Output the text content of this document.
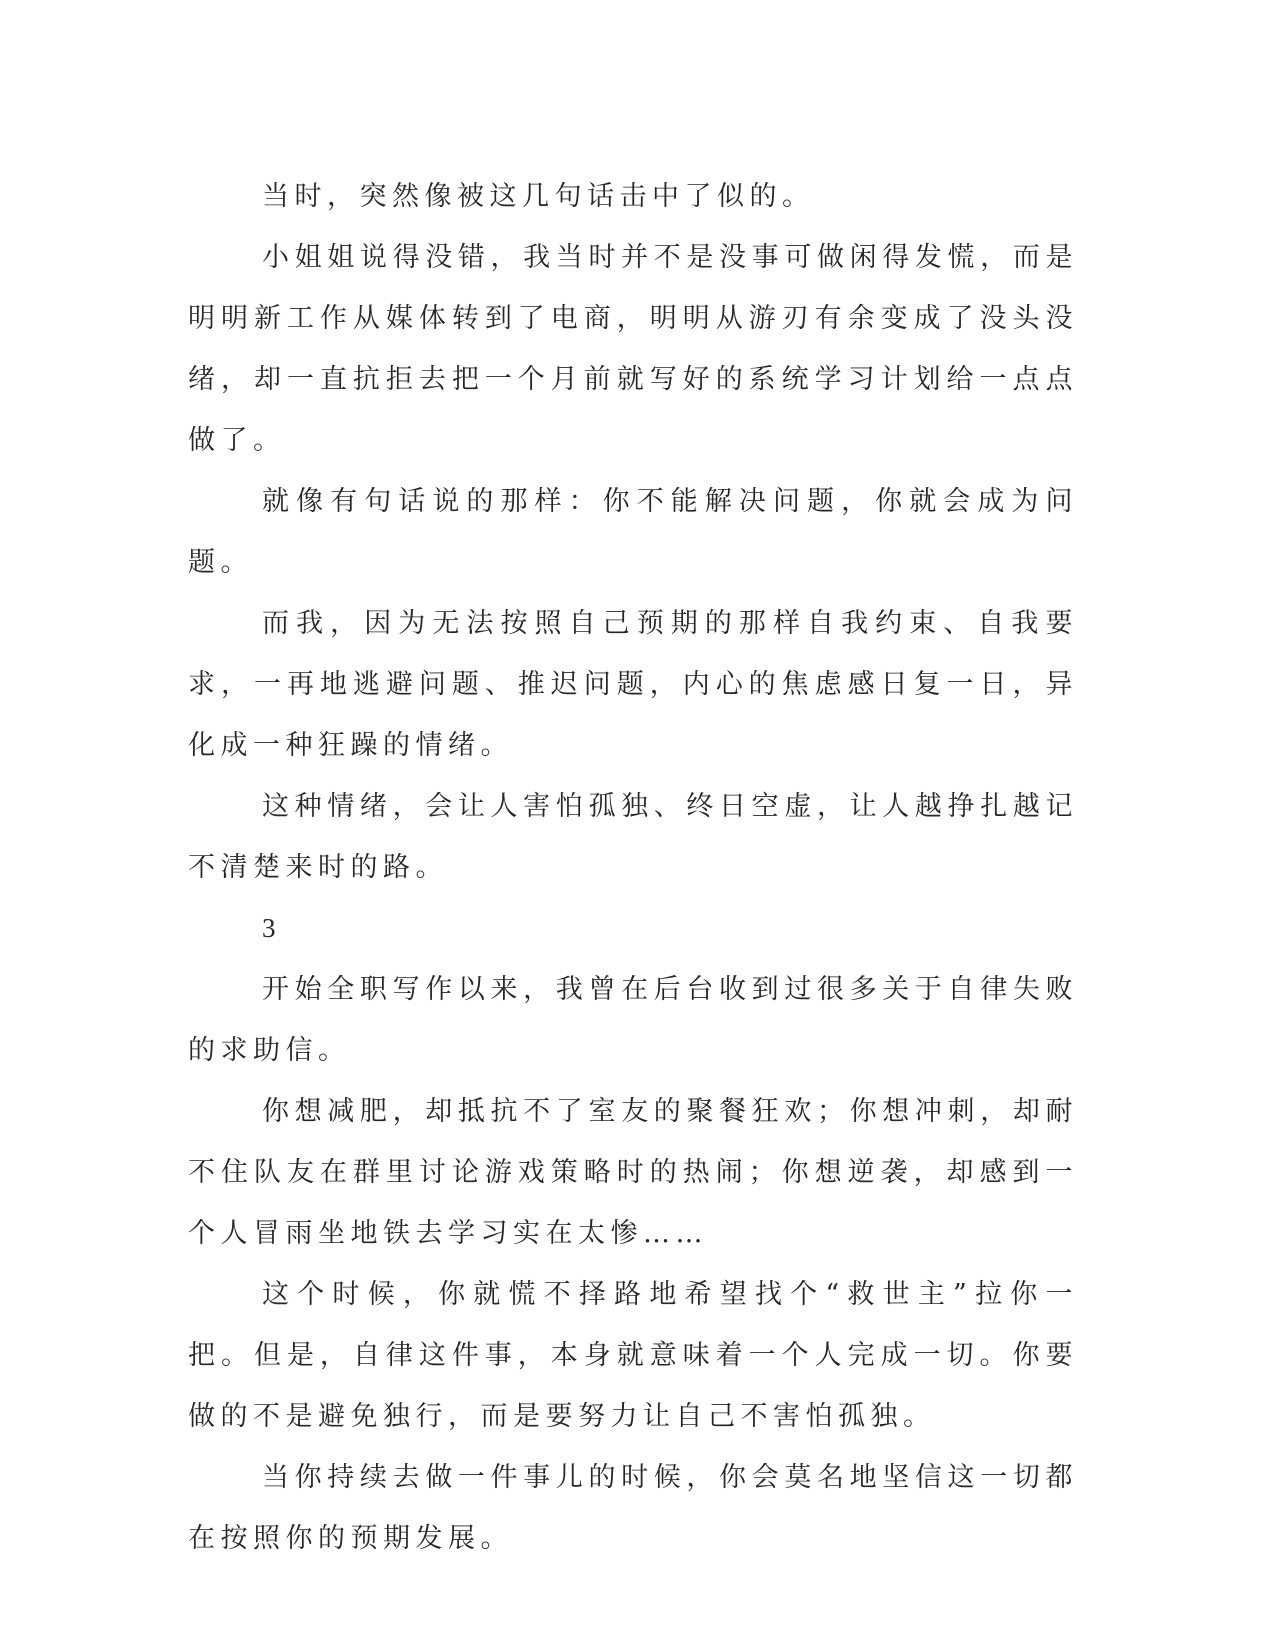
当时，突然像被这几句话击中了似的。

小姐姐说得没错，我当时并不是没事可做闲得发慌，而是明明新工作从媒体转到了电商，明明从游刃有余变成了没头没绪，却一直抗拒去把一个月前就写好的系统学习计划给一点点做了。

就像有句话说的那样：你不能解决问题，你就会成为问题。

而我，因为无法按照自己预期的那样自我约束、自我要求，一再地逃避问题、推迟问题，内心的焦虑感日复一日，异化成一种狂躁的情绪。

这种情绪，会让人害怕孤独、终日空虚，让人越挣扎越记不清楚来时的路。

3

开始全职写作以来，我曾在后台收到过很多关于自律失败的求助信。

你想减肥，却抵抗不了室友的聚餐狂欢；你想冲刺，却耐不住队友在群里讨论游戏策略时的热闹；你想逆袭，却感到一个人冒雨坐地铁去学习实在太惨……

这个时候，你就慌不择路地希望找个“救世主”拉你一把。但是，自律这件事，本身就意味着一个人完成一切。你要做的不是避免独行，而是要努力让自己不害怕孤独。

当你持续去做一件事儿的时候，你会莫名地坚信这一切都在按照你的预期发展。
